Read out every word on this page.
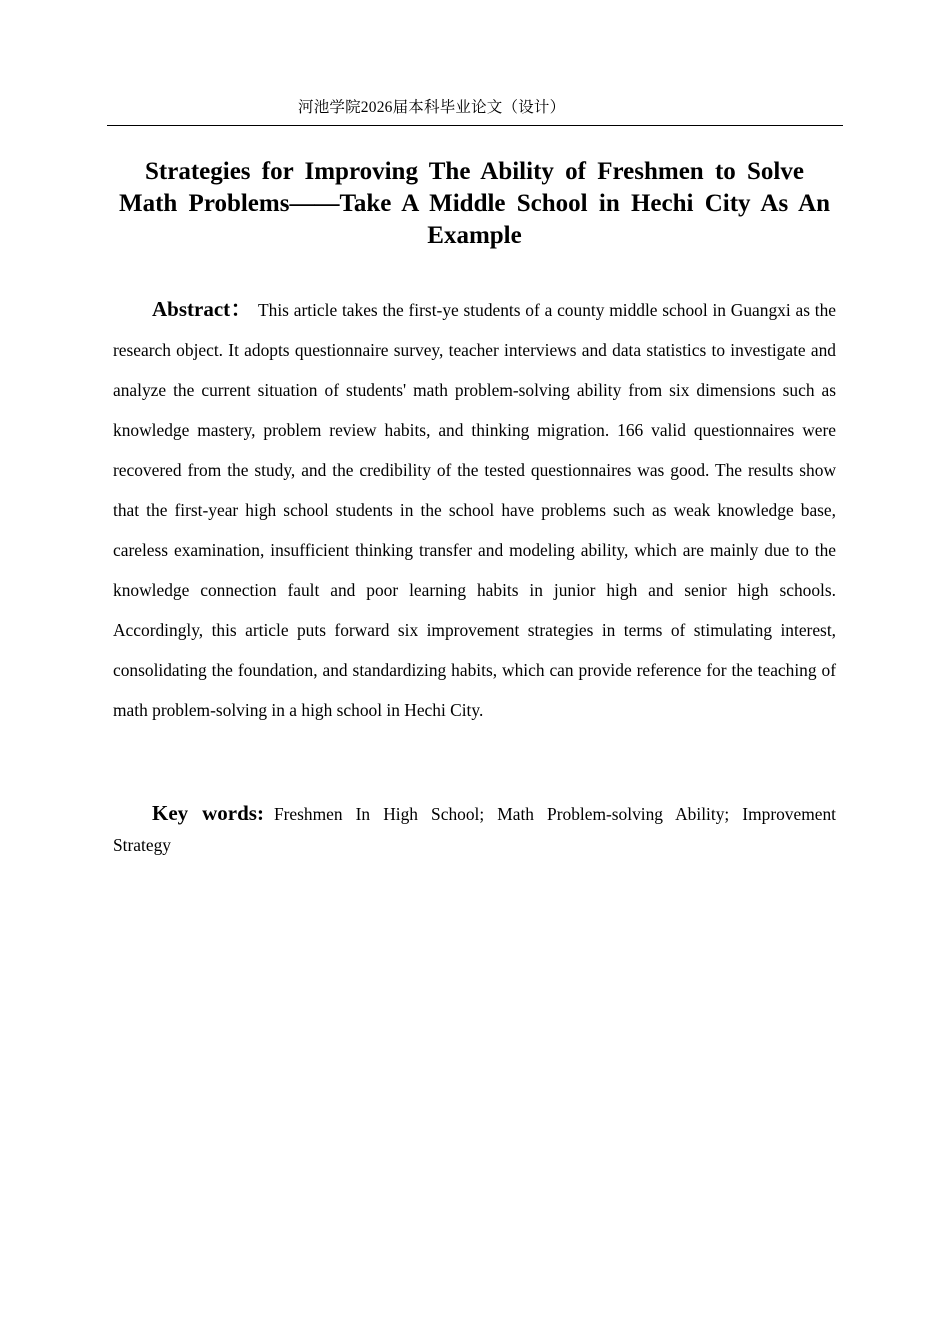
河池学院2026届本科毕业论文（设计）
Strategies for Improving The Ability of Freshmen to Solve Math Problems——Take A Middle School in Hechi City As An Example

Abstract： This article takes the first-ye students of a county middle school in Guangxi as the research object. It adopts questionnaire survey, teacher interviews and data statistics to investigate and analyze the current situation of students' math problem-solving ability from six dimensions such as knowledge mastery, problem review habits, and thinking migration. 166 valid questionnaires were recovered from the study, and the credibility of the tested questionnaires was good. The results show that the first-year high school students in the school have problems such as weak knowledge base, careless examination, insufficient thinking transfer and modeling ability, which are mainly due to the knowledge connection fault and poor learning habits in junior high and senior high schools. Accordingly, this article puts forward six improvement strategies in terms of stimulating interest, consolidating the foundation, and standardizing habits, which can provide reference for the teaching of math problem-solving in a high school in Hechi City.

Key words: Freshmen In High School; Math Problem-solving Ability; Improvement Strategy
